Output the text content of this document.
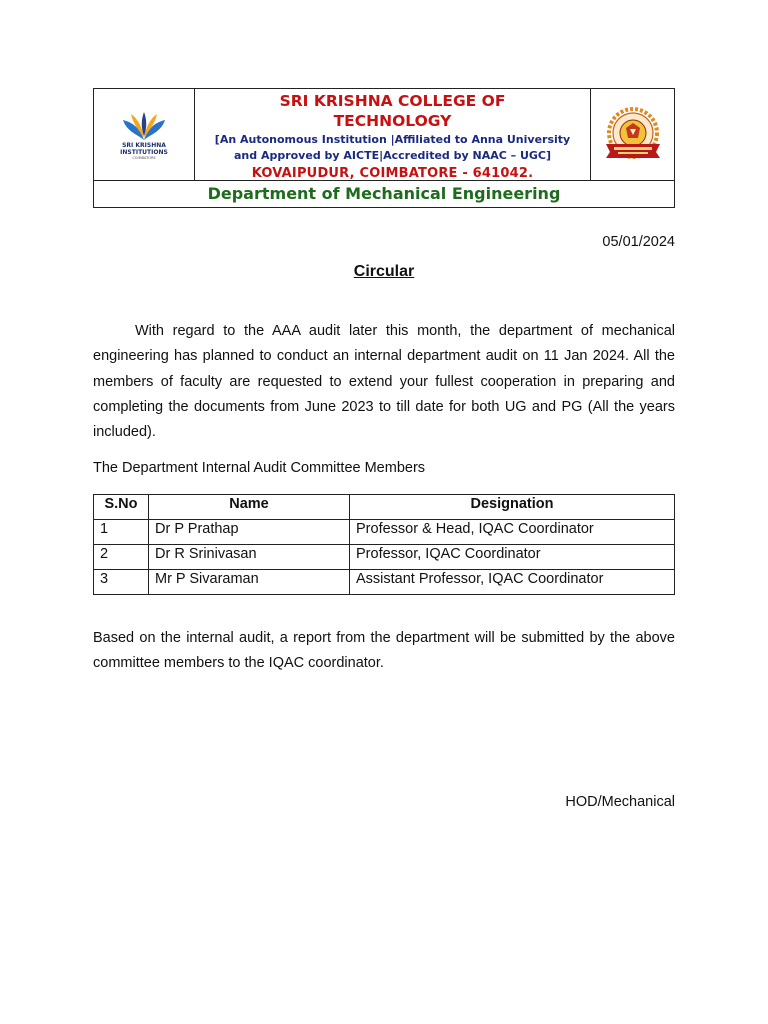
SRI KRISHNA
INSTITUTIONS
COIMBATORE
SRI KRISHNA COLLEGE OF
TECHNOLOGY
[An Autonomous Institution |Affiliated to Anna University
and Approved by AICTE|Accredited by NAAC – UGC]
KOVAIPUDUR, COIMBATORE - 641042.
Department of Mechanical Engineering
05/01/2024
Circular

With regard to the AAA audit later this month, the department of mechanical engineering has planned to conduct an internal department audit on 11 Jan 2024. All the members of faculty are requested to extend your fullest cooperation in preparing and completing the documents from June 2023 to till date for both UG and PG (All the years included).

The Department Internal Audit Committee Members
S.No	Name	Designation
1	Dr P Prathap	Professor & Head, IQAC Coordinator
2	Dr R Srinivasan	Professor, IQAC Coordinator
3	Mr P Sivaraman	Assistant Professor, IQAC Coordinator

Based on the internal audit, a report from the department will be submitted by the above committee members to the IQAC coordinator.

HOD/Mechanical
